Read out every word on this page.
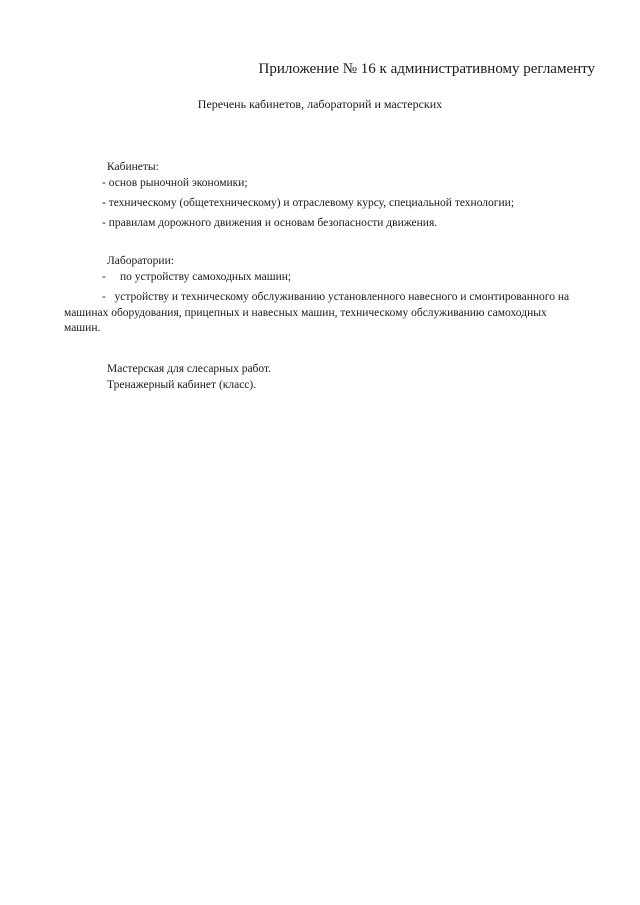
Приложение № 16 к административному регламенту
Перечень кабинетов, лабораторий и мастерских
Кабинеты:
- основ рыночной экономики;
- техническому (общетехническому) и отраслевому курсу, специальной технологии;
- правилам дорожного движения и основам безопасности движения.
Лаборатории:
- по устройству самоходных машин;
- устройству и техническому обслуживанию установленного навесного и смонтированного на машинах оборудования, прицепных и навесных машин, техническому обслуживанию самоходных машин.
Мастерская для слесарных работ.
Тренажерный кабинет (класс).
